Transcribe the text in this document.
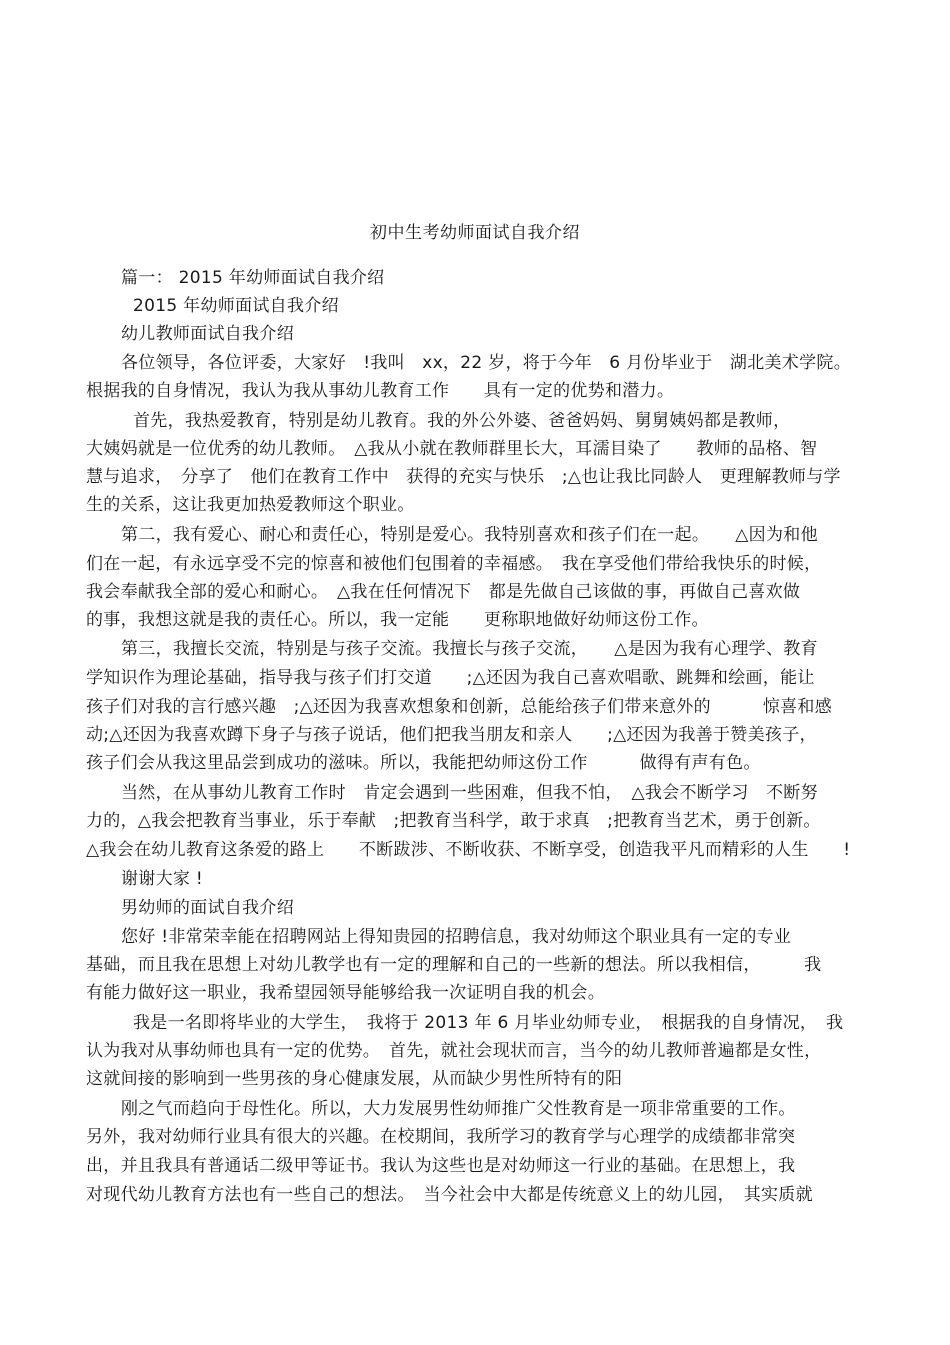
初中生考幼师面试自我介绍
篇一： 2015 年幼师面试自我介绍
2015 年幼师面试自我介绍
幼儿教师面试自我介绍
各位领导，各位评委，大家好　!我叫　xx，22 岁，将于今年　6 月份毕业于　湖北美术学院。
根据我的自身情况，我认为我从事幼儿教育工作　　具有一定的优势和潜力。
首先，我热爱教育，特别是幼儿教育。我的外公外婆、爸爸妈妈、舅舅姨妈都是教师，
大姨妈就是一位优秀的幼儿教师。　△我从小就在教师群里长大，耳濡目染了　　教师的品格、智
慧与追求，　分享了　他们在教育工作中　获得的充实与快乐　;△也让我比同龄人　更理解教师与学
生的关系，这让我更加热爱教师这个职业。
第二，我有爱心、耐心和责任心，特别是爱心。我特别喜欢和孩子们在一起。　　△因为和他
们在一起，有永远享受不完的惊喜和被他们包围着的幸福感。　我在享受他们带给我快乐的时候，
我会奉献我全部的爱心和耐心。　△我在任何情况下　都是先做自己该做的事，再做自己喜欢做
的事，我想这就是我的责任心。所以，我一定能　　更称职地做好幼师这份工作。
第三，我擅长交流，特别是与孩子交流。我擅长与孩子交流，　　△是因为我有心理学、教育
学知识作为理论基础，指导我与孩子们打交道　　;△还因为我自己喜欢唱歌、跳舞和绘画，能让
孩子们对我的言行感兴趣　;△还因为我喜欢想象和创新，总能给孩子们带来意外的　　　惊喜和感
动;△还因为我喜欢蹲下身子与孩子说话，他们把我当朋友和亲人　　;△还因为我善于赞美孩子，
孩子们会从我这里品尝到成功的滋味。所以，我能把幼师这份工作　　　做得有声有色。
当然，在从事幼儿教育工作时　肯定会遇到一些困难，但我不怕，　△我会不断学习　不断努
力的，△我会把教育当事业，乐于奉献　;把教育当科学，敢于求真　;把教育当艺术，勇于创新。
△我会在幼儿教育这条爱的路上　　不断跋涉、不断收获、不断享受，创造我平凡而精彩的人生　　!
谢谢大家 !
男幼师的面试自我介绍
您好 !非常荣幸能在招聘网站上得知贵园的招聘信息，我对幼师这个职业具有一定的专业
基础，而且我在思想上对幼儿教学也有一定的理解和自己的一些新的想法。所以我相信，　　　我
有能力做好这一职业，我希望园领导能够给我一次证明自我的机会。
我是一名即将毕业的大学生，　我将于 2013 年 6 月毕业幼师专业，　根据我的自身情况，　我
认为我对从事幼师也具有一定的优势。　首先，就社会现状而言，当今的幼儿教师普遍都是女性，
这就间接的影响到一些男孩的身心健康发展，从而缺少男性所特有的阳
刚之气而趋向于母性化。所以，大力发展男性幼师推广父性教育是一项非常重要的工作。
另外，我对幼师行业具有很大的兴趣。在校期间，我所学习的教育学与心理学的成绩都非常突
出，并且我具有普通话二级甲等证书。我认为这些也是对幼师这一行业的基础。在思想上，我
对现代幼儿教育方法也有一些自己的想法。　当今社会中大都是传统意义上的幼儿园，　其实质就
